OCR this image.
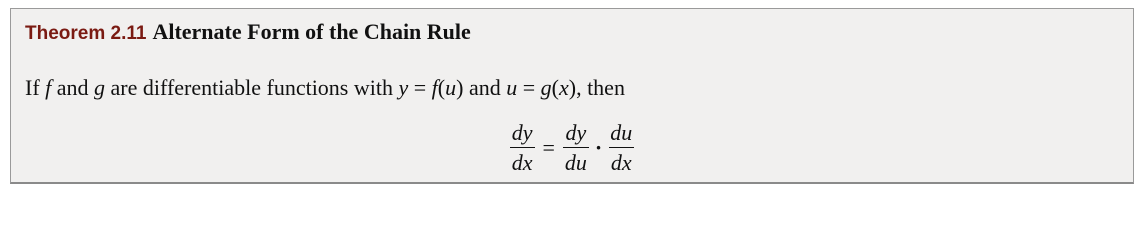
Theorem 2.11 Alternate Form of the Chain Rule
If f and g are differentiable functions with y = f(u) and u = g(x), then
$\frac{dy}{dx} = \frac{dy}{du} \cdot \frac{du}{dx}$
